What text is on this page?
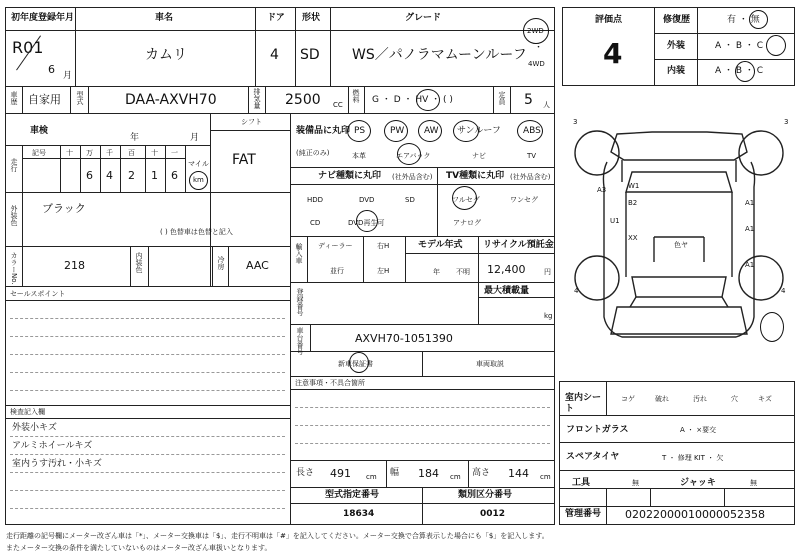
初年度登録年月
R01
6 月
車名
カムリ
ドア
4
形状
SD
グレード
WS／パノラマムーンルーフ
2WD
・
4WD
車歴 自家用 型式	DAA-AXVH70	排気量 2500 CC
燃料 G ・ D ・ HV ・ ( )	定員 5 人
車検
年	月
シフト
FAT
走行
記号	十 万 千 百 十 一
6 4 2 1 6
マイル
km
外装色 ブラック
( ) 色替車は色替と記入
カラーNo.	218	内装色	冷房 AAC
セールスポイント
検査記入欄
外装小キズ
アルミホイールキズ
室内うす汚れ・小キズ
装備品に丸印
(純正のみ)
PS	PW AW サンルーフ ABS
本革	エアバック	ナビ	TV
ナビ種類に丸印 (社外品含む) TV種類に丸印 (社外品含む)
HDD	DVD	SD
CD	DVD再生可
フルセグ	ワンセグ
アナログ
輸入車 ディーラー
並行
右H
左H
モデル年式
年 不明
リサイクル預託金
12,400	円
登録番号	最大積載量
kg
車台番号	AXVH70-1051390
新車保証書	車両取説
注意事項・不具合箇所
長さ 491 cm 幅 184 cm 高さ 144 cm
型式指定番号
18634
類別区分番号
0012
評価点
4
修復歴	有 ・ 無
外装	A ・ B ・ C
内装	A ・ B ・ C
3	3
4	4
A3	W1
B2
U1
XX
A1
A1
色ヤ
A1
室内シート
コゲ	破れ	汚れ	穴	キズ
フロントガラス	A ・ ×要交
スペアタイヤ	T ・ 修理 KIT ・ 欠
工具	無	ジャッキ	無
管理番号 02022000010000052358
走行距離の記号欄にメーター改ざん車は「*」、メーター交換車は「$」、走行不明車は「#」を記入してください。メーター交換で合算表示した場合にも「$」を記入します。
またメーター交換の条件を満たしていないものはメーター改ざん車扱いとなります。
